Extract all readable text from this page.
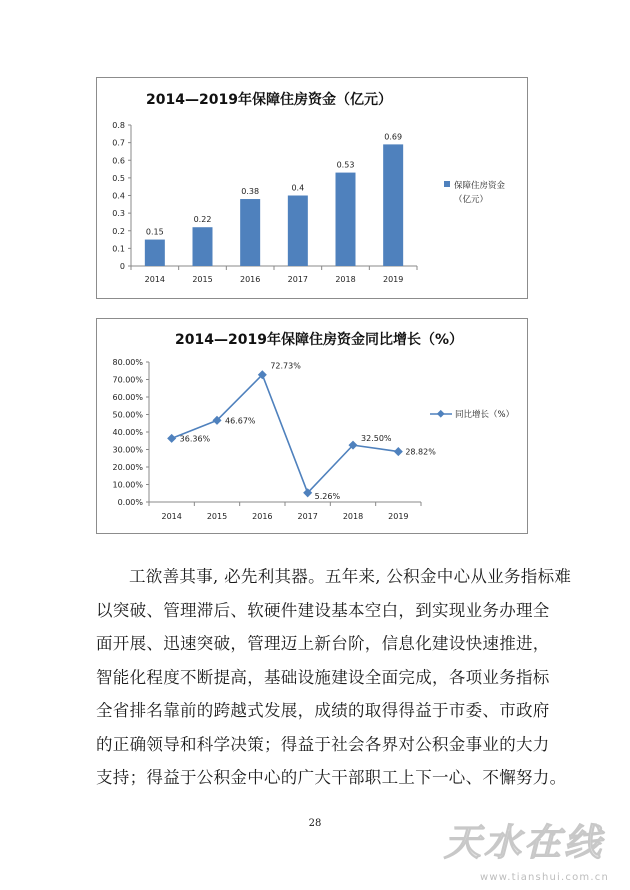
2014—2019年保障住房资金（亿元）
0
0.1
0.2
0.3
0.4
0.5
0.6
0.7
0.8
0.15
2014
0.22
2015
0.38
2016
0.4
2017
0.53
2018
0.69
2019
保障住房资金
（亿元）
2014—2019年保障住房资金同比增长（%）
0.00%
10.00%
20.00%
30.00%
40.00%
50.00%
60.00%
70.00%
80.00%
36.36%
2014
46.67%
2015
72.73%
2016
5.26%
2017
32.50%
2018
28.82%
2019
同比增长（%）

工欲善其事, 必先利其器。五年来, 公积金中心从业务指标难

以突破、管理滞后、软硬件建设基本空白，到实现业务办理全

面开展、迅速突破，管理迈上新台阶，信息化建设快速推进，

智能化程度不断提高，基础设施建设全面完成，各项业务指标

全省排名靠前的跨越式发展，成绩的取得得益于市委、市政府

的正确领导和科学决策；得益于社会各界对公积金事业的大力

支持；得益于公积金中心的广大干部职工上下一心、不懈努力。

28	天水在线
www.tianshui.com.cn
